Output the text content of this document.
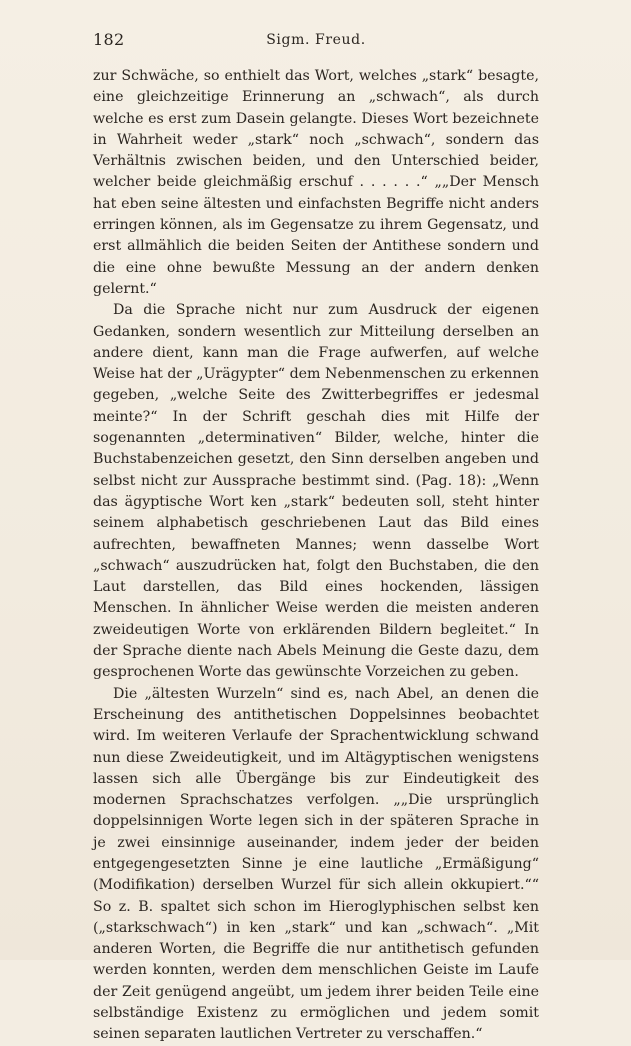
182	Sigm. Freud.

zur Schwäche, so enthielt das Wort, welches „stark“ besagte, eine gleichzeitige Erinnerung an „schwach“, als durch welche es erst zum Dasein gelangte. Dieses Wort bezeichnete in Wahrheit weder „stark“ noch „schwach“, sondern das Verhältnis zwischen beiden, und den Unterschied beider, welcher beide gleichmäßig erschuf . . . . . .“ „„Der Mensch hat eben seine ältesten und einfachsten Begriffe nicht anders erringen können, als im Gegensatze zu ihrem Gegensatz, und erst allmählich die beiden Seiten der Antithese sondern und die eine ohne bewußte Messung an der andern denken gelernt.“

Da die Sprache nicht nur zum Ausdruck der eigenen Gedanken, sondern wesentlich zur Mitteilung derselben an andere dient, kann man die Frage aufwerfen, auf welche Weise hat der „Urägypter“ dem Nebenmenschen zu erkennen gegeben, „welche Seite des Zwitterbegriffes er jedesmal meinte?“ In der Schrift geschah dies mit Hilfe der sogenannten „determinativen“ Bilder, welche, hinter die Buchstabenzeichen gesetzt, den Sinn derselben angeben und selbst nicht zur Aussprache bestimmt sind. (Pag. 18): „Wenn das ägyptische Wort ken „stark“ bedeuten soll, steht hinter seinem alphabetisch geschriebenen Laut das Bild eines aufrechten, bewaffneten Mannes; wenn dasselbe Wort „schwach“ auszudrücken hat, folgt den Buchstaben, die den Laut darstellen, das Bild eines hockenden, lässigen Menschen. In ähnlicher Weise werden die meisten anderen zweideutigen Worte von erklärenden Bildern begleitet.“ In der Sprache diente nach Abels Meinung die Geste dazu, dem gesprochenen Worte das gewünschte Vorzeichen zu geben.

Die „ältesten Wurzeln“ sind es, nach Abel, an denen die Erscheinung des antithetischen Doppelsinnes beobachtet wird. Im weiteren Verlaufe der Sprachentwicklung schwand nun diese Zweideutigkeit, und im Altägyptischen wenigstens lassen sich alle Übergänge bis zur Eindeutigkeit des modernen Sprachschatzes verfolgen. „„Die ursprünglich doppelsinnigen Worte legen sich in der späteren Sprache in je zwei einsinnige auseinander, indem jeder der beiden entgegengesetzten Sinne je eine lautliche „Ermäßigung“ (Modifikation) derselben Wurzel für sich allein okkupiert.““ So z. B. spaltet sich schon im Hieroglyphischen selbst ken („starkschwach“) in ken „stark“ und kan „schwach“. „Mit anderen Worten, die Begriffe die nur antithetisch gefunden werden konnten, werden dem menschlichen Geiste im Laufe der Zeit genügend angeübt, um jedem ihrer beiden Teile eine selbständige Existenz zu ermöglichen und jedem somit seinen separaten lautlichen Vertreter zu verschaffen.“
